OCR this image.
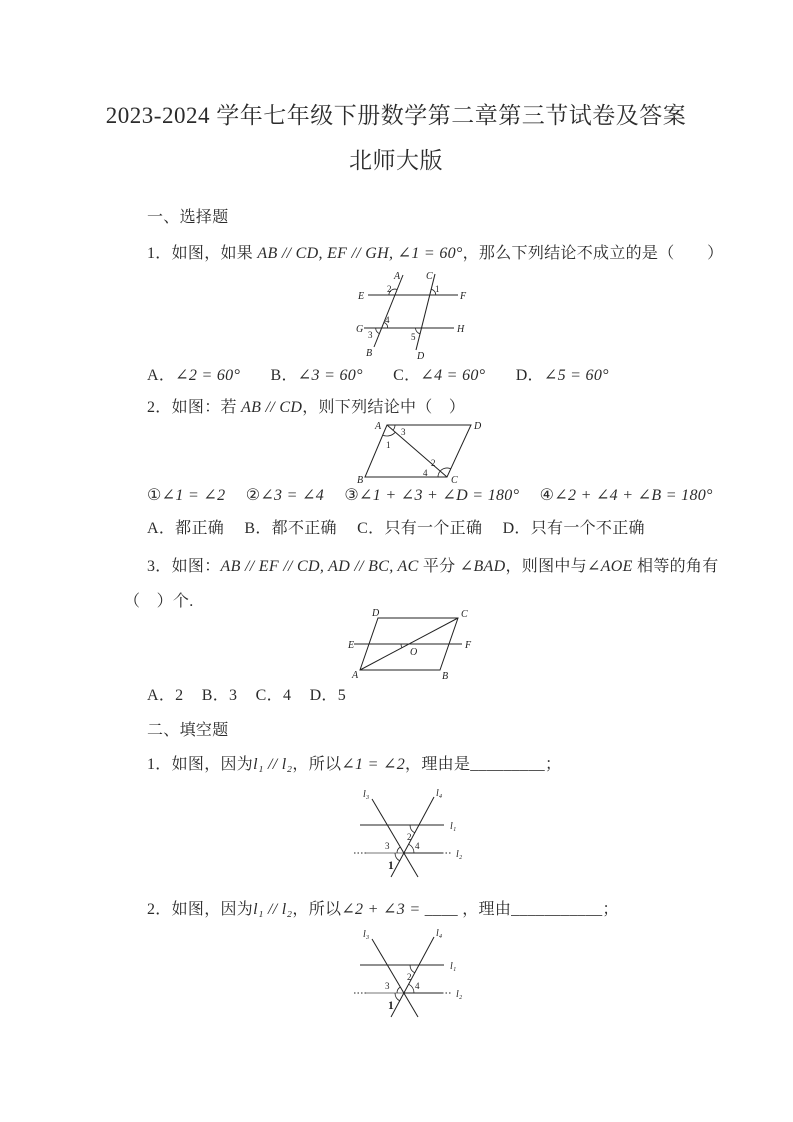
2023-2024 学年七年级下册数学第二章第三节试卷及答案北师大版
一、选择题
1．如图，如果 AB // CD, EF // GH, ∠1 = 60°，那么下列结论不成立的是（　　）
E	F
G	H
A
B
C
D
2	1
4
3	5
A．∠2 = 60° B．∠3 = 60° C．∠4 = 60° D．∠5 = 60°
2．如图：若 AB // CD，则下列结论中（　）
A	D
B	C
3
1
2
4
①∠1 = ∠2 ②∠3 = ∠4 ③∠1 + ∠3 + ∠D = 180° ④∠2 + ∠4 + ∠B = 180°
A．都正确 B．都不正确 C．只有一个正确 D．只有一个不正确
3．如图：AB // EF // CD, AD // BC, AC 平分 ∠BAD，则图中与∠AOE 相等的角有
（　）个.
D	C
E	F
A	B
O
A．2 B．3 C．4 D．5
二、填空题
1．如图，因为l₁ // l₂，所以∠1 = ∠2，理由是_________；
l₃	l₄
l₁
l₂
2
3	4
1
2．如图，因为l₁ // l₂，所以∠2 + ∠3 = ____ ，理由___________；
l₃	l₄
l₁
l₂
2
3	4
1
